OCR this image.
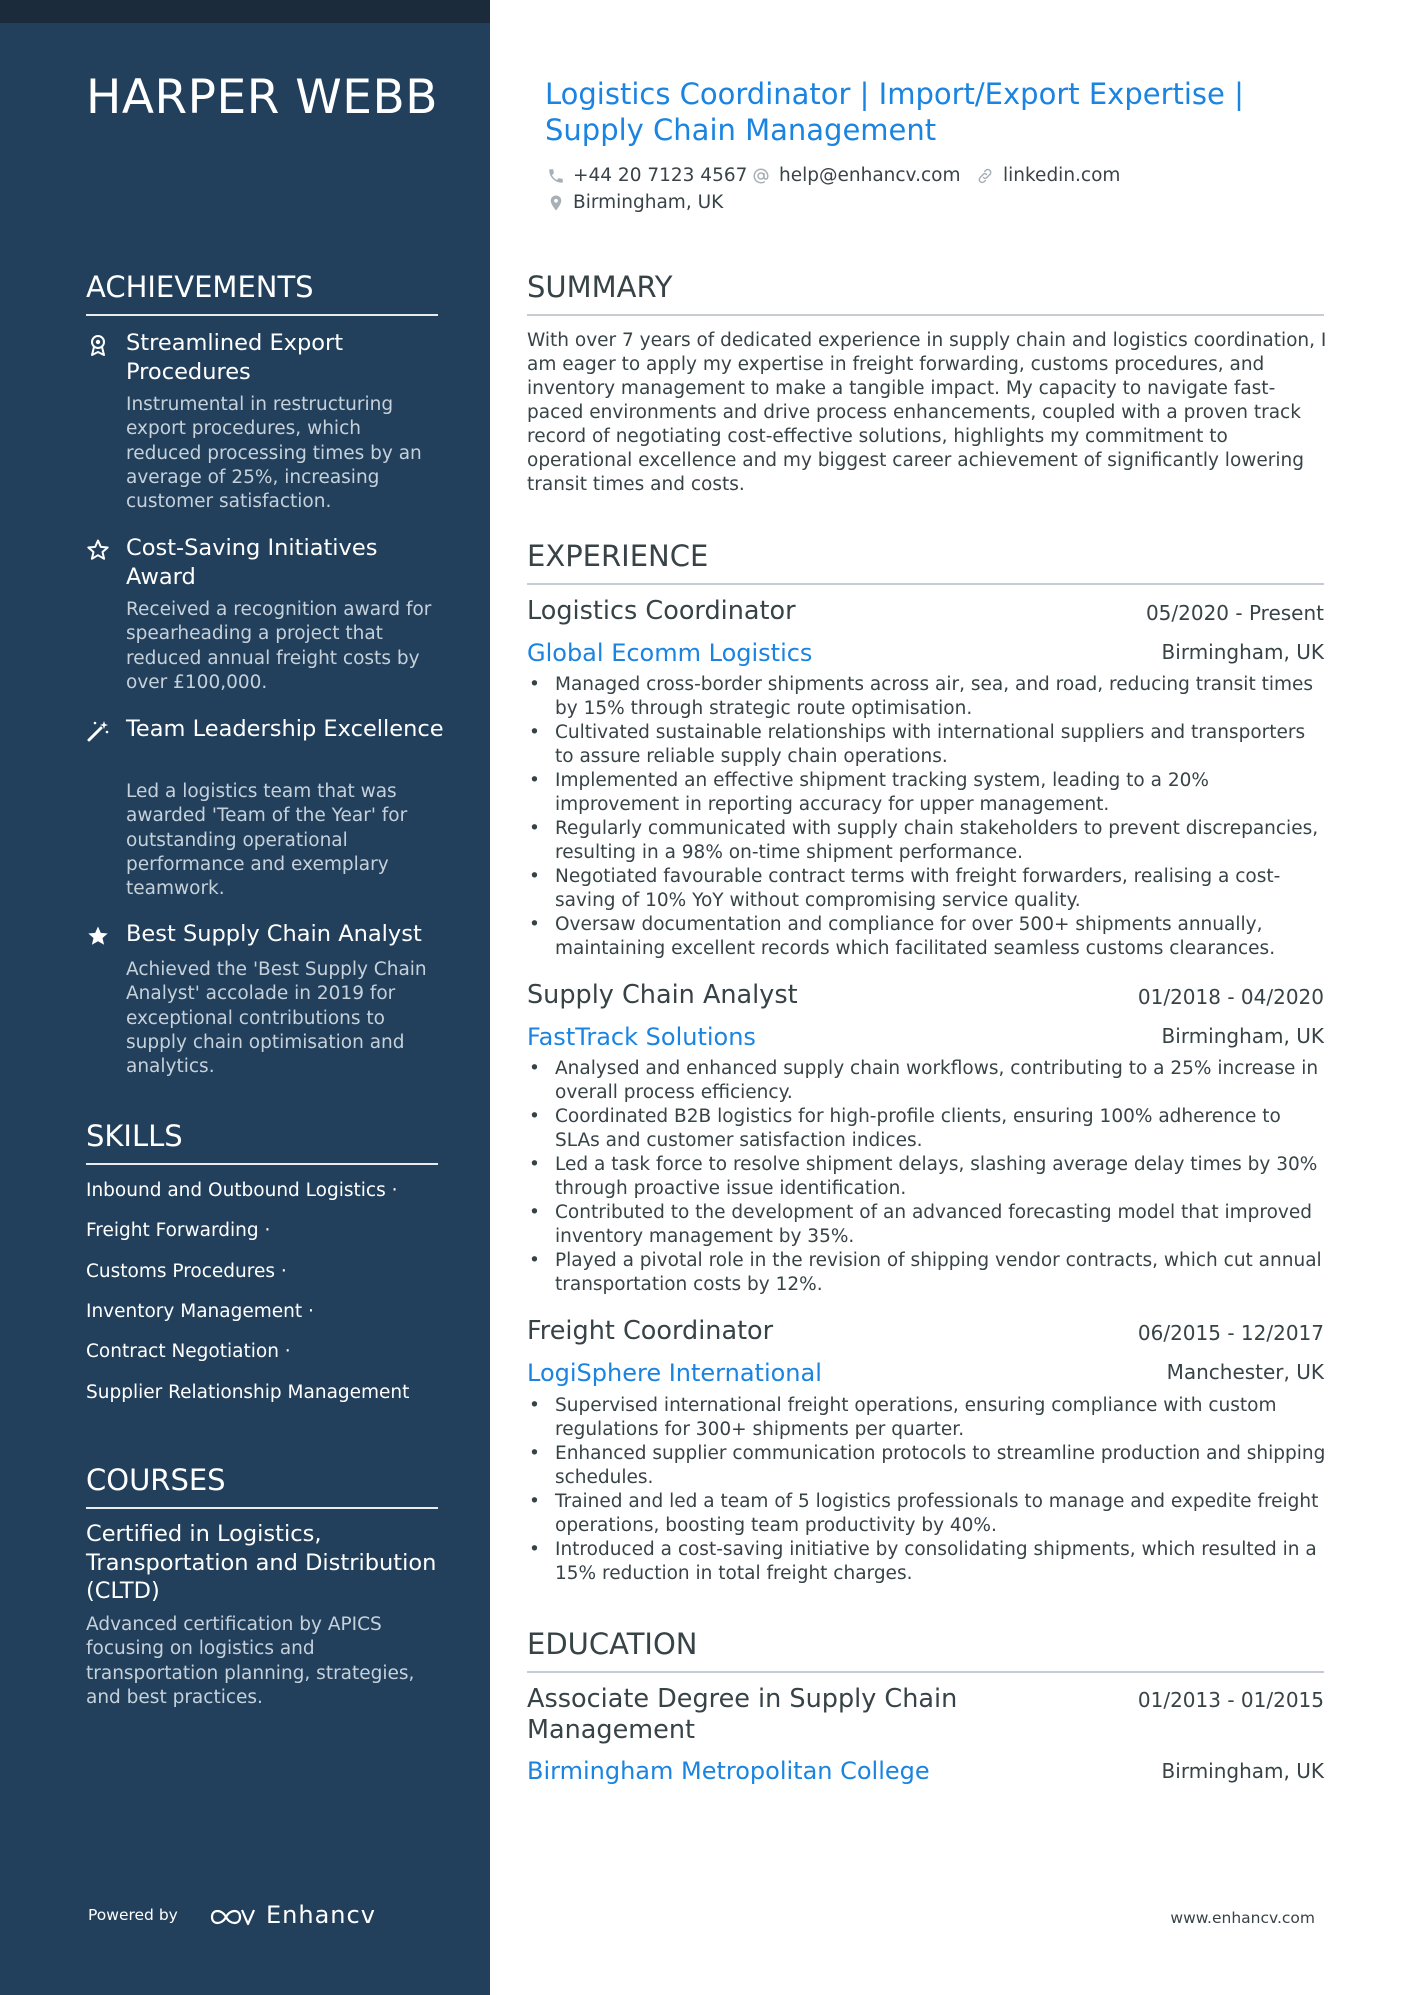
HARPER WEBB
ACHIEVEMENTS
Streamlined Export Procedures
Instrumental in restructuring export procedures, which reduced processing times by an average of 25%, increasing customer satisfaction.
Cost-Saving Initiatives Award
Received a recognition award for spearheading a project that reduced annual freight costs by over £100,000.
Team Leadership Excellence
Led a logistics team that was awarded 'Team of the Year' for outstanding operational performance and exemplary teamwork.
Best Supply Chain Analyst
Achieved the 'Best Supply Chain Analyst' accolade in 2019 for exceptional contributions to supply chain optimisation and analytics.
SKILLS
Inbound and Outbound Logistics ·
Freight Forwarding ·
Customs Procedures ·
Inventory Management ·
Contract Negotiation ·
Supplier Relationship Management
COURSES
Certified in Logistics, Transportation and Distribution (CLTD)
Advanced certification by APICS focusing on logistics and transportation planning, strategies, and best practices.
Powered by	Enhancv
Logistics Coordinator | Import/Export Expertise | Supply Chain Management
+44 20 7123 4567 help@enhancv.com linkedin.com
Birmingham, UK
SUMMARY
With over 7 years of dedicated experience in supply chain and logistics coordination, I am eager to apply my expertise in freight forwarding, customs procedures, and inventory management to make a tangible impact. My capacity to navigate fast-paced environments and drive process enhancements, coupled with a proven track record of negotiating cost-effective solutions, highlights my commitment to operational excellence and my biggest career achievement of significantly lowering transit times and costs.
EXPERIENCE
Logistics Coordinator	05/2020 - Present
Global Ecomm Logistics	Birmingham, UK
• Managed cross-border shipments across air, sea, and road, reducing transit times by 15% through strategic route optimisation.
• Cultivated sustainable relationships with international suppliers and transporters to assure reliable supply chain operations.
• Implemented an effective shipment tracking system, leading to a 20% improvement in reporting accuracy for upper management.
• Regularly communicated with supply chain stakeholders to prevent discrepancies, resulting in a 98% on-time shipment performance.
• Negotiated favourable contract terms with freight forwarders, realising a cost-saving of 10% YoY without compromising service quality.
• Oversaw documentation and compliance for over 500+ shipments annually, maintaining excellent records which facilitated seamless customs clearances.
Supply Chain Analyst	01/2018 - 04/2020
FastTrack Solutions	Birmingham, UK
• Analysed and enhanced supply chain workflows, contributing to a 25% increase in overall process efficiency.
• Coordinated B2B logistics for high-profile clients, ensuring 100% adherence to SLAs and customer satisfaction indices.
• Led a task force to resolve shipment delays, slashing average delay times by 30% through proactive issue identification.
• Contributed to the development of an advanced forecasting model that improved inventory management by 35%.
• Played a pivotal role in the revision of shipping vendor contracts, which cut annual transportation costs by 12%.
Freight Coordinator	06/2015 - 12/2017
LogiSphere International	Manchester, UK
• Supervised international freight operations, ensuring compliance with custom regulations for 300+ shipments per quarter.
• Enhanced supplier communication protocols to streamline production and shipping schedules.
• Trained and led a team of 5 logistics professionals to manage and expedite freight operations, boosting team productivity by 40%.
• Introduced a cost-saving initiative by consolidating shipments, which resulted in a 15% reduction in total freight charges.
EDUCATION
Associate Degree in Supply Chain Management
01/2013 - 01/2015
Birmingham Metropolitan College	Birmingham, UK
www.enhancv.com
